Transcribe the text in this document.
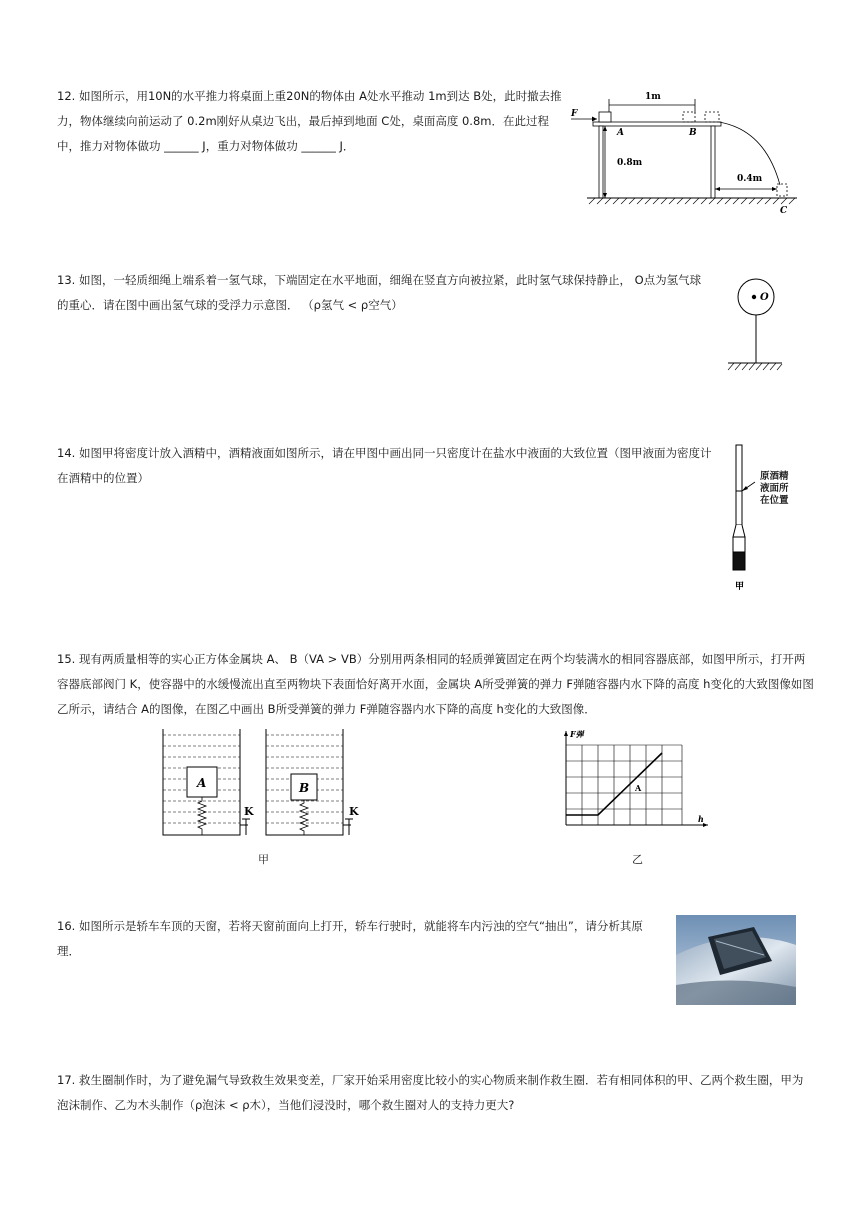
12. 如图所示，用10N的水平推力将桌面上重20N的物体由 A处水平推动 1m到达 B处，此时撤去推

力，物体继续向前运动了 0.2m刚好从桌边飞出，最后掉到地面 C处，桌面高度 0.8m．在此过程

中，推力对物体做功 ______ J，重力对物体做功 ______ J．

1m
F
A	B
0.8m
0.4m
C

13. 如图，一轻质细绳上端系着一氢气球，下端固定在水平地面，细绳在竖直方向被拉紧，此时氢气球保持静止， O点为氢气球

的重心．请在图中画出氢气球的受浮力示意图． （ρ氢气 < ρ空气）

O

14. 如图甲将密度计放入酒精中，酒精液面如图所示，请在甲图中画出同一只密度计在盐水中液面的大致位置（图甲液面为密度计

在酒精中的位置）

甲
原酒精
液面所
在位置

15. 现有两质量相等的实心正方体金属块 A、 B（VA > VB）分别用两条相同的轻质弹簧固定在两个均装满水的相同容器底部，如图甲所示，打开两

容器底部阀门 K，使容器中的水缓慢流出直至两物块下表面恰好离开水面，金属块 A所受弹簧的弹力 F弹随容器内水下降的高度 h变化的大致图像如图

乙所示，请结合 A的图像，在图乙中画出 B所受弹簧的弹力 F弹随容器内水下降的高度 h变化的大致图像．

A
K
B
K
甲
F弹
h
A
乙

16. 如图所示是轿车车顶的天窗，若将天窗前面向上打开，轿车行驶时，就能将车内污浊的空气“抽出”，请分析其原

理．

17. 救生圈制作时，为了避免漏气导致救生效果变差，厂家开始采用密度比较小的实心物质来制作救生圈．若有相同体积的甲、乙两个救生圈，甲为

泡沫制作、乙为木头制作（ρ泡沫 < ρ木），当他们浸没时，哪个救生圈对人的支持力更大?
